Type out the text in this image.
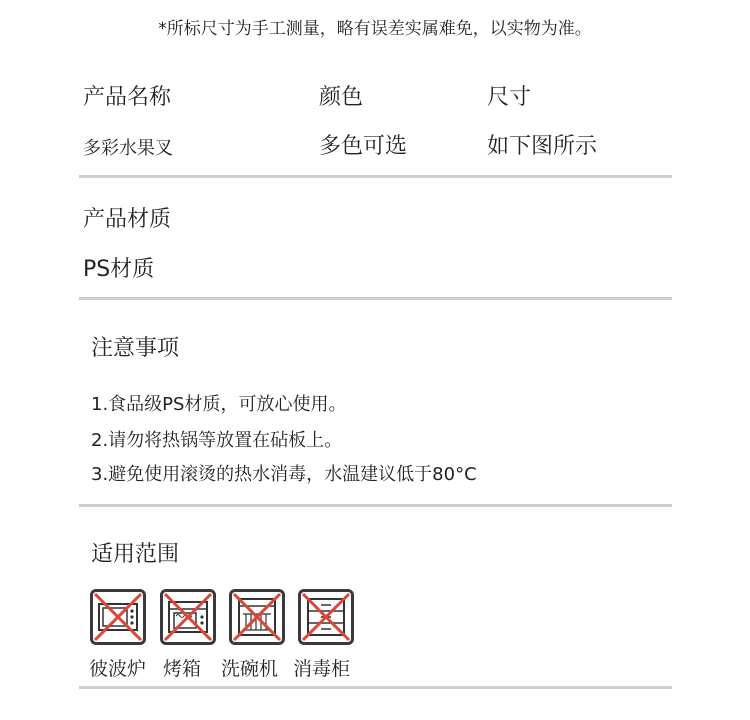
*所标尺寸为手工测量，略有误差实属难免，以实物为准。
产品名称	颜色	尺寸
多彩水果叉	多色可选	如下图所示
产品材质
PS材质
注意事项
1.食品级PS材质，可放心使用。
2.请勿将热锅等放置在砧板上。
3.避免使用滚烫的热水消毒，水温建议低于80°C
适用范围
彼波炉 烤箱 洗碗机 消毒柜
